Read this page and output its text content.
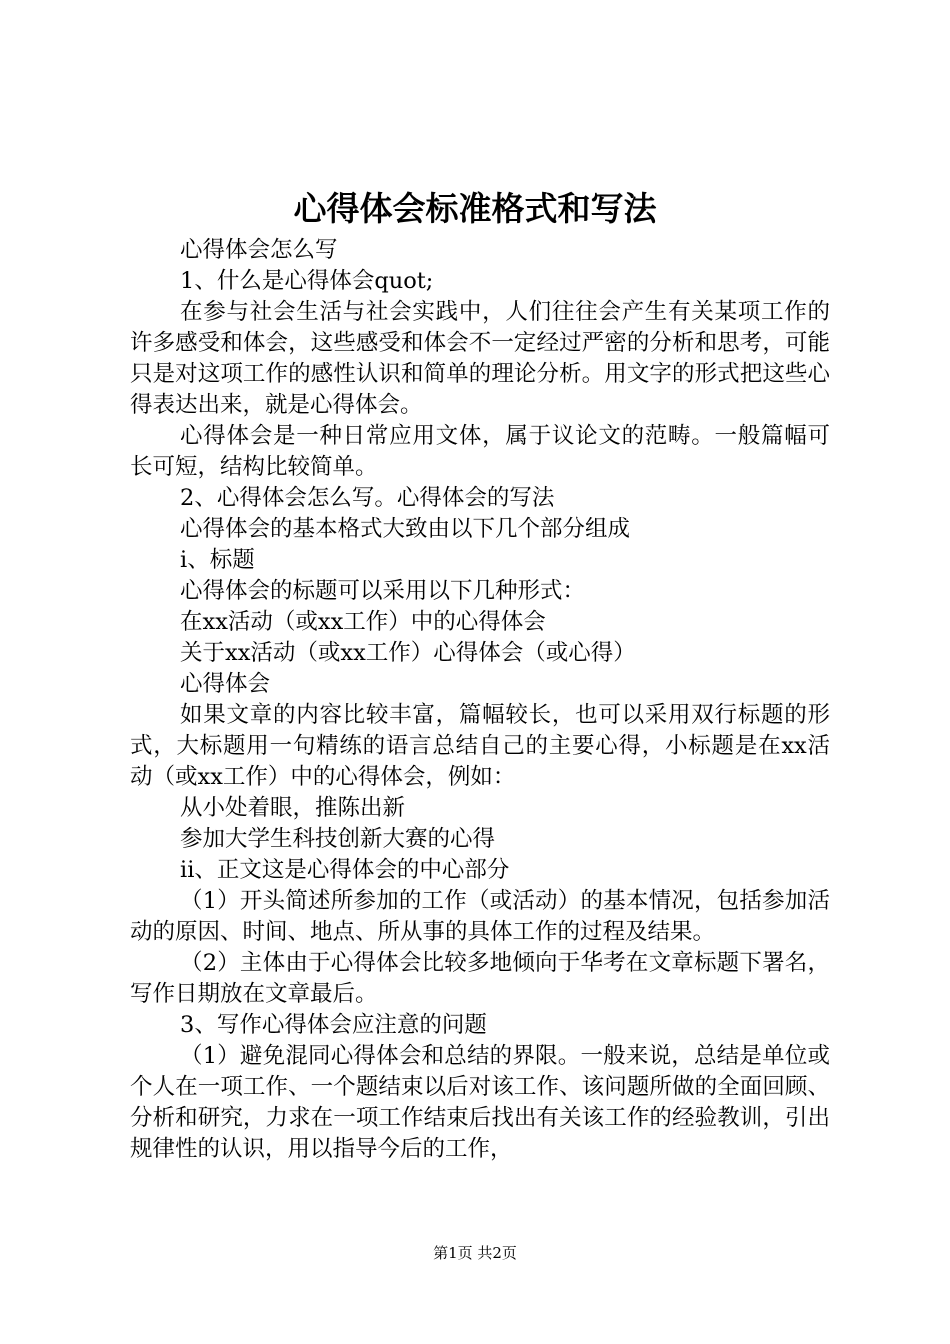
心得体会标准格式和写法

心得体会怎么写

1、什么是心得体会quot;

在参与社会生活与社会实践中，人们往往会产生有关某项工作的许多感受和体会，这些感受和体会不一定经过严密的分析和思考，可能只是对这项工作的感性认识和简单的理论分析。用文字的形式把这些心得表达出来，就是心得体会。

心得体会是一种日常应用文体，属于议论文的范畴。一般篇幅可长可短，结构比较简单。

2、心得体会怎么写。心得体会的写法

心得体会的基本格式大致由以下几个部分组成

i、标题

心得体会的标题可以采用以下几种形式：

在xx活动（或xx工作）中的心得体会

关于xx活动（或xx工作）心得体会（或心得）

心得体会

如果文章的内容比较丰富，篇幅较长，也可以采用双行标题的形式，大标题用一句精练的语言总结自己的主要心得，小标题是在xx活动（或xx工作）中的心得体会，例如：

从小处着眼，推陈出新

参加大学生科技创新大赛的心得

ii、正文这是心得体会的中心部分

（1）开头简述所参加的工作（或活动）的基本情况，包括参加活动的原因、时间、地点、所从事的具体工作的过程及结果。

（2）主体由于心得体会比较多地倾向于华考在文章标题下署名，写作日期放在文章最后。

3、写作心得体会应注意的问题

（1）避免混同心得体会和总结的界限。一般来说，总结是单位或个人在一项工作、一个题结束以后对该工作、该问题所做的全面回顾、分析和研究，力求在一项工作结束后找出有关该工作的经验教训，引出规律性的认识，用以指导今后的工作，

第1页 共2页
